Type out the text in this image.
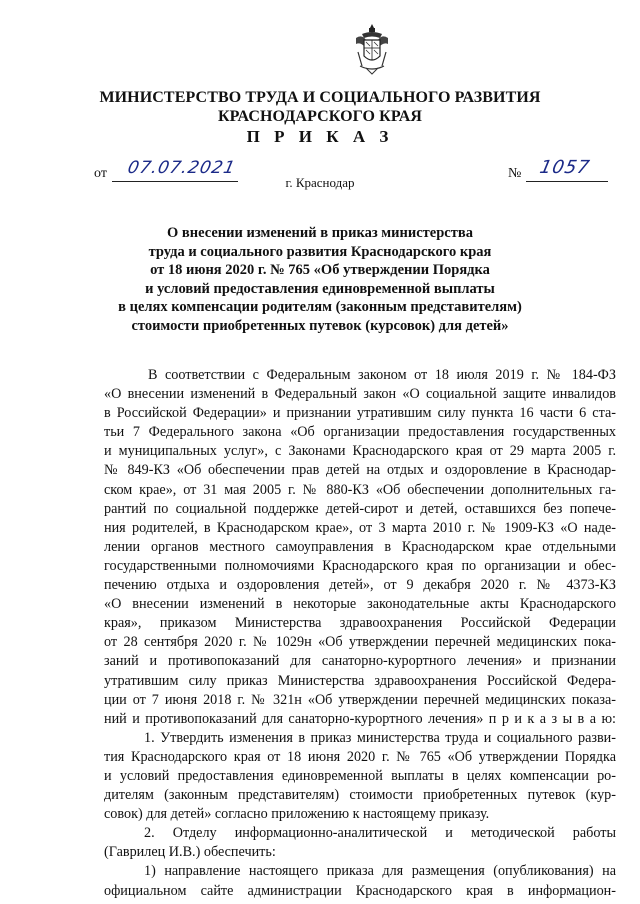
МИНИСТЕРСТВО ТРУДА И СОЦИАЛЬНОГО РАЗВИТИЯ
КРАСНОДАРСКОГО КРАЯ
П Р И К А З
от 07.07.2021	№ 1057
г. Краснодар
О внесении изменений в приказ министерства
труда и социального развития Краснодарского края
от 18 июня 2020 г. № 765 «Об утверждении Порядка
и условий предоставления единовременной выплаты
в целях компенсации родителям (законным представителям)
стоимости приобретенных путевок (курсовок) для детей»
В соответствии с Федеральным законом от 18 июля 2019 г. № 184-ФЗ
«О внесении изменений в Федеральный закон «О социальной защите инвалидов
в Российской Федерации» и признании утратившим силу пункта 16 части 6 ста-
тьи 7 Федерального закона «Об организации предоставления государственных
и муниципальных услуг», с Законами Краснодарского края от 29 марта 2005 г.
№ 849-КЗ «Об обеспечении прав детей на отдых и оздоровление в Краснодар-
ском крае», от 31 мая 2005 г. № 880-КЗ «Об обеспечении дополнительных га-
рантий по социальной поддержке детей-сирот и детей, оставшихся без попече-
ния родителей, в Краснодарском крае», от 3 марта 2010 г. № 1909-КЗ «О наде-
лении органов местного самоуправления в Краснодарском крае отдельными
государственными полномочиями Краснодарского края по организации и обес-
печению отдыха и оздоровления детей», от 9 декабря 2020 г. № 4373-КЗ
«О внесении изменений в некоторые законодательные акты Краснодарского
края», приказом Министерства здравоохранения Российской Федерации
от 28 сентября 2020 г. № 1029н «Об утверждении перечней медицинских пока-
заний и противопоказаний для санаторно-курортного лечения» и признании
утратившим силу приказ Министерства здравоохранения Российской Федера-
ции от 7 июня 2018 г. № 321н «Об утверждении перечней медицинских показа-
ний и противопоказаний для санаторно-курортного лечения» п р и к а з ы в а ю:
1. Утвердить изменения в приказ министерства труда и социального разви-
тия Краснодарского края от 18 июня 2020 г. № 765 «Об утверждении Порядка
и условий предоставления единовременной выплаты в целях компенсации ро-
дителям (законным представителям) стоимости приобретенных путевок (кур-
совок) для детей» согласно приложению к настоящему приказу.
2. Отделу информационно-аналитической и методической работы
(Гаврилец И.В.) обеспечить:
1) направление настоящего приказа для размещения (опубликования) на
официальном сайте администрации Краснодарского края в информацион-
